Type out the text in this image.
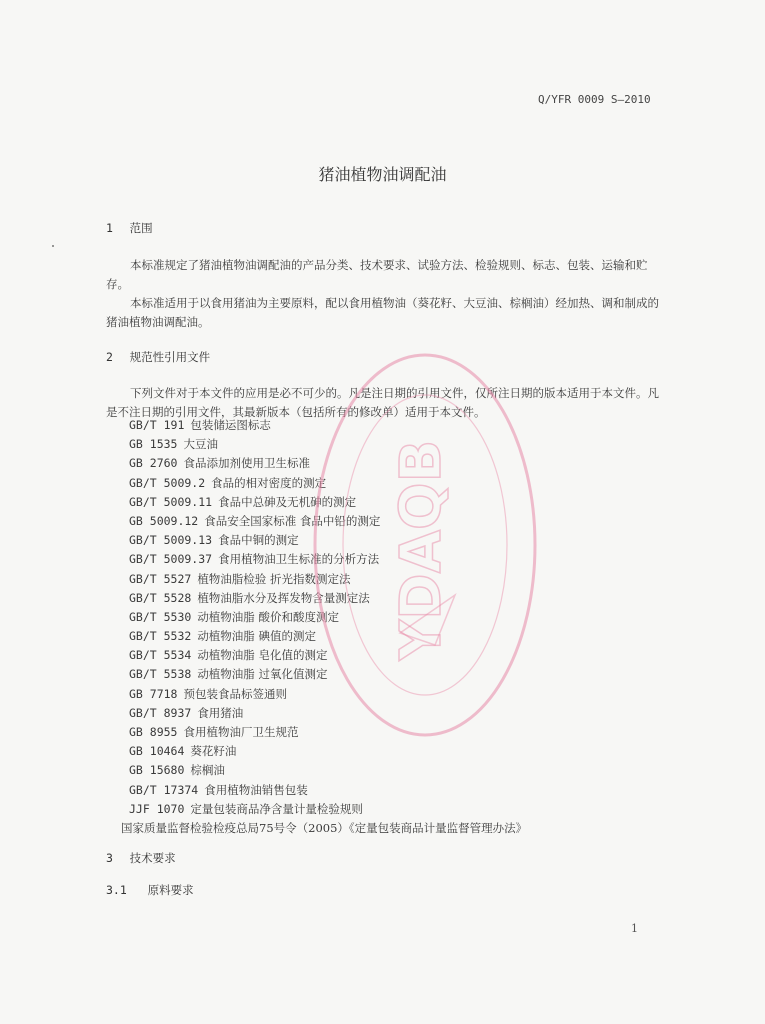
Q/YFR 0009 S—2010
猪油植物油调配油
1 范围
本标准规定了猪油植物油调配油的产品分类、技术要求、试验方法、检验规则、标志、包装、运输和贮存。
本标准适用于以食用猪油为主要原料，配以食用植物油（葵花籽、大豆油、棕榈油）经加热、调和制成的猪油植物油调配油。
2 规范性引用文件
下列文件对于本文件的应用是必不可少的。凡是注日期的引用文件，仅所注日期的版本适用于本文件。凡是不注日期的引用文件，其最新版本（包括所有的修改单）适用于本文件。
GB/T 191 包装储运图标志
GB 1535 大豆油
GB 2760 食品添加剂使用卫生标准
GB/T 5009.2 食品的相对密度的测定
GB/T 5009.11 食品中总砷及无机砷的测定
GB 5009.12 食品安全国家标准 食品中铅的测定
GB/T 5009.13 食品中铜的测定
GB/T 5009.37 食用植物油卫生标准的分析方法
GB/T 5527 植物油脂检验 折光指数测定法
GB/T 5528 植物油脂水分及挥发物含量测定法
GB/T 5530 动植物油脂 酸价和酸度测定
GB/T 5532 动植物油脂 碘值的测定
GB/T 5534 动植物油脂 皂化值的测定
GB/T 5538 动植物油脂 过氧化值测定
GB 7718 预包装食品标签通则
GB/T 8937 食用猪油
GB 8955 食用植物油厂卫生规范
GB 10464 葵花籽油
GB 15680 棕榈油
GB/T 17374 食用植物油销售包装
JJF 1070 定量包装商品净含量计量检验规则
国家质量监督检验检疫总局75号令（2005）《定量包装商品计量监督管理办法》
3 技术要求
3.1 原料要求
1
YDAQB
